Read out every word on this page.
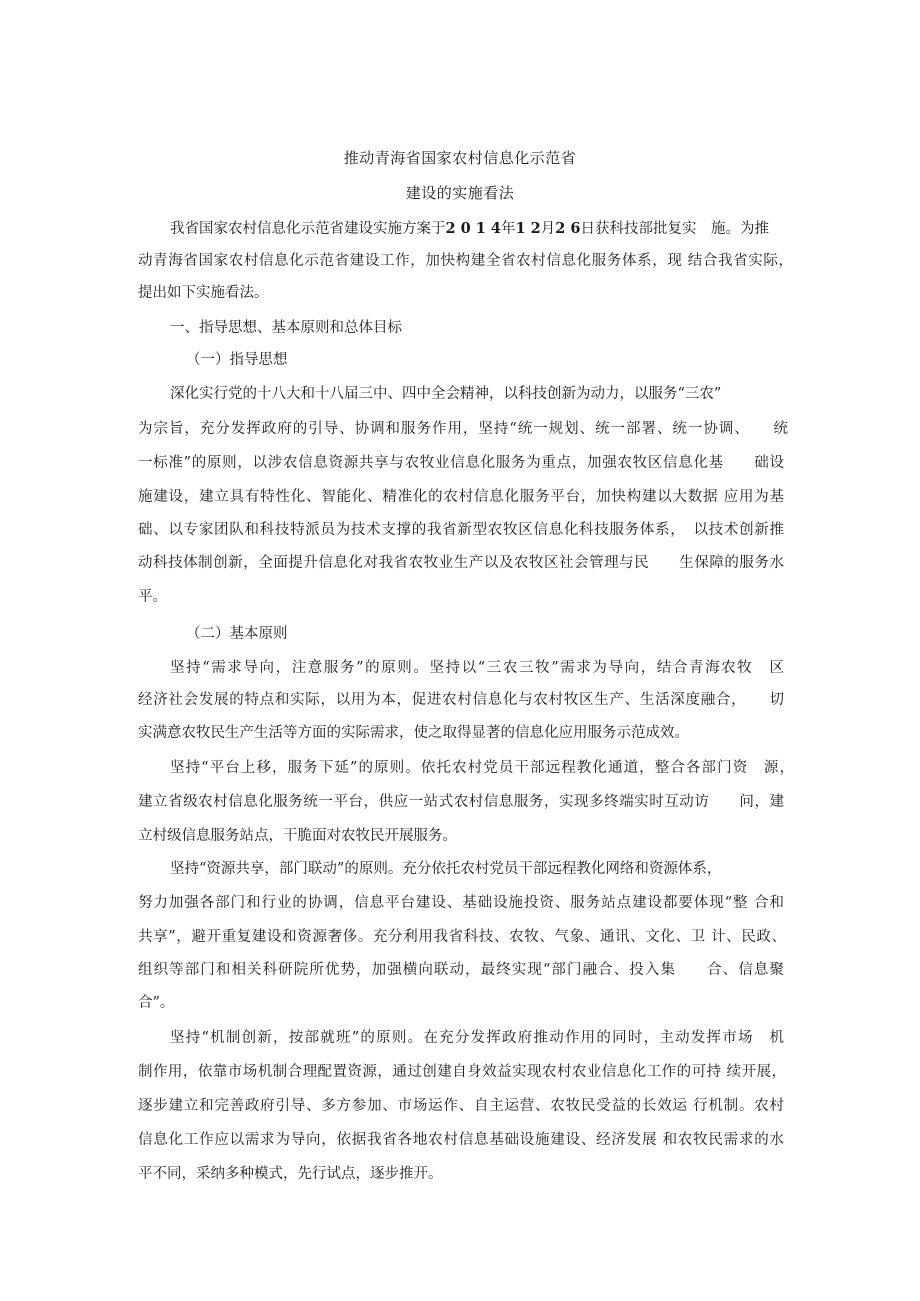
推动青海省国家农村信息化示范省
建设的实施看法
我省国家农村信息化示范省建设实施方案于2 0 1 4年1 2月2 6日获科技部批复实　施。为推
动青海省国家农村信息化示范省建设工作，加快构建全省农村信息化服务体系，现 结合我省实际，
提出如下实施看法。
一、指导思想、基本原则和总体目标
（一）指导思想
深化实行党的十八大和十八届三中、四中全会精神，以科技创新为动力，以服务“三农”
为宗旨，充分发挥政府的引导、协调和服务作用，坚持“统一规划、统一部署、统一协调、　　统
一标准”的原则，以涉农信息资源共享与农牧业信息化服务为重点，加强农牧区信息化基　　础设
施建设，建立具有特性化、智能化、精准化的农村信息化服务平台，加快构建以大数据 应用为基
础、以专家团队和科技特派员为技术支撑的我省新型农牧区信息化科技服务体系，　以技术创新推
动科技体制创新，全面提升信息化对我省农牧业生产以及农牧区社会管理与民　　生保障的服务水
平。
（二）基本原则
坚持“需求导向，注意服务”的原则。坚持以“三农三牧”需求为导向，结合青海农牧　区
经济社会发展的特点和实际，以用为本，促进农村信息化与农村牧区生产、生活深度融合，　　切
实满意农牧民生产生活等方面的实际需求，使之取得显著的信息化应用服务示范成效。
坚持“平台上移，服务下延”的原则。依托农村党员干部远程教化通道，整合各部门资　源，
建立省级农村信息化服务统一平台，供应一站式农村信息服务，实现多终端实时互动访　　问，建
立村级信息服务站点，干脆面对农牧民开展服务。
坚持“资源共享，部门联动”的原则。充分依托农村党员干部远程教化网络和资源体系，
努力加强各部门和行业的协调，信息平台建设、基础设施投资、服务站点建设都要体现“整 合和
共享”，避开重复建设和资源奢侈。充分利用我省科技、农牧、气象、通讯、文化、卫 计、民政、
组织等部门和相关科研院所优势，加强横向联动，最终实现“部门融合、投入集　　合、信息聚
合”。
坚持“机制创新，按部就班”的原则。在充分发挥政府推动作用的同时，主动发挥市场　机
制作用，依靠市场机制合理配置资源，通过创建自身效益实现农村农业信息化工作的可持 续开展，
逐步建立和完善政府引导、多方参加、市场运作、自主运营、农牧民受益的长效运 行机制。农村
信息化工作应以需求为导向，依据我省各地农村信息基础设施建设、经济发展 和农牧民需求的水
平不同，采纳多种模式，先行试点，逐步推开。
